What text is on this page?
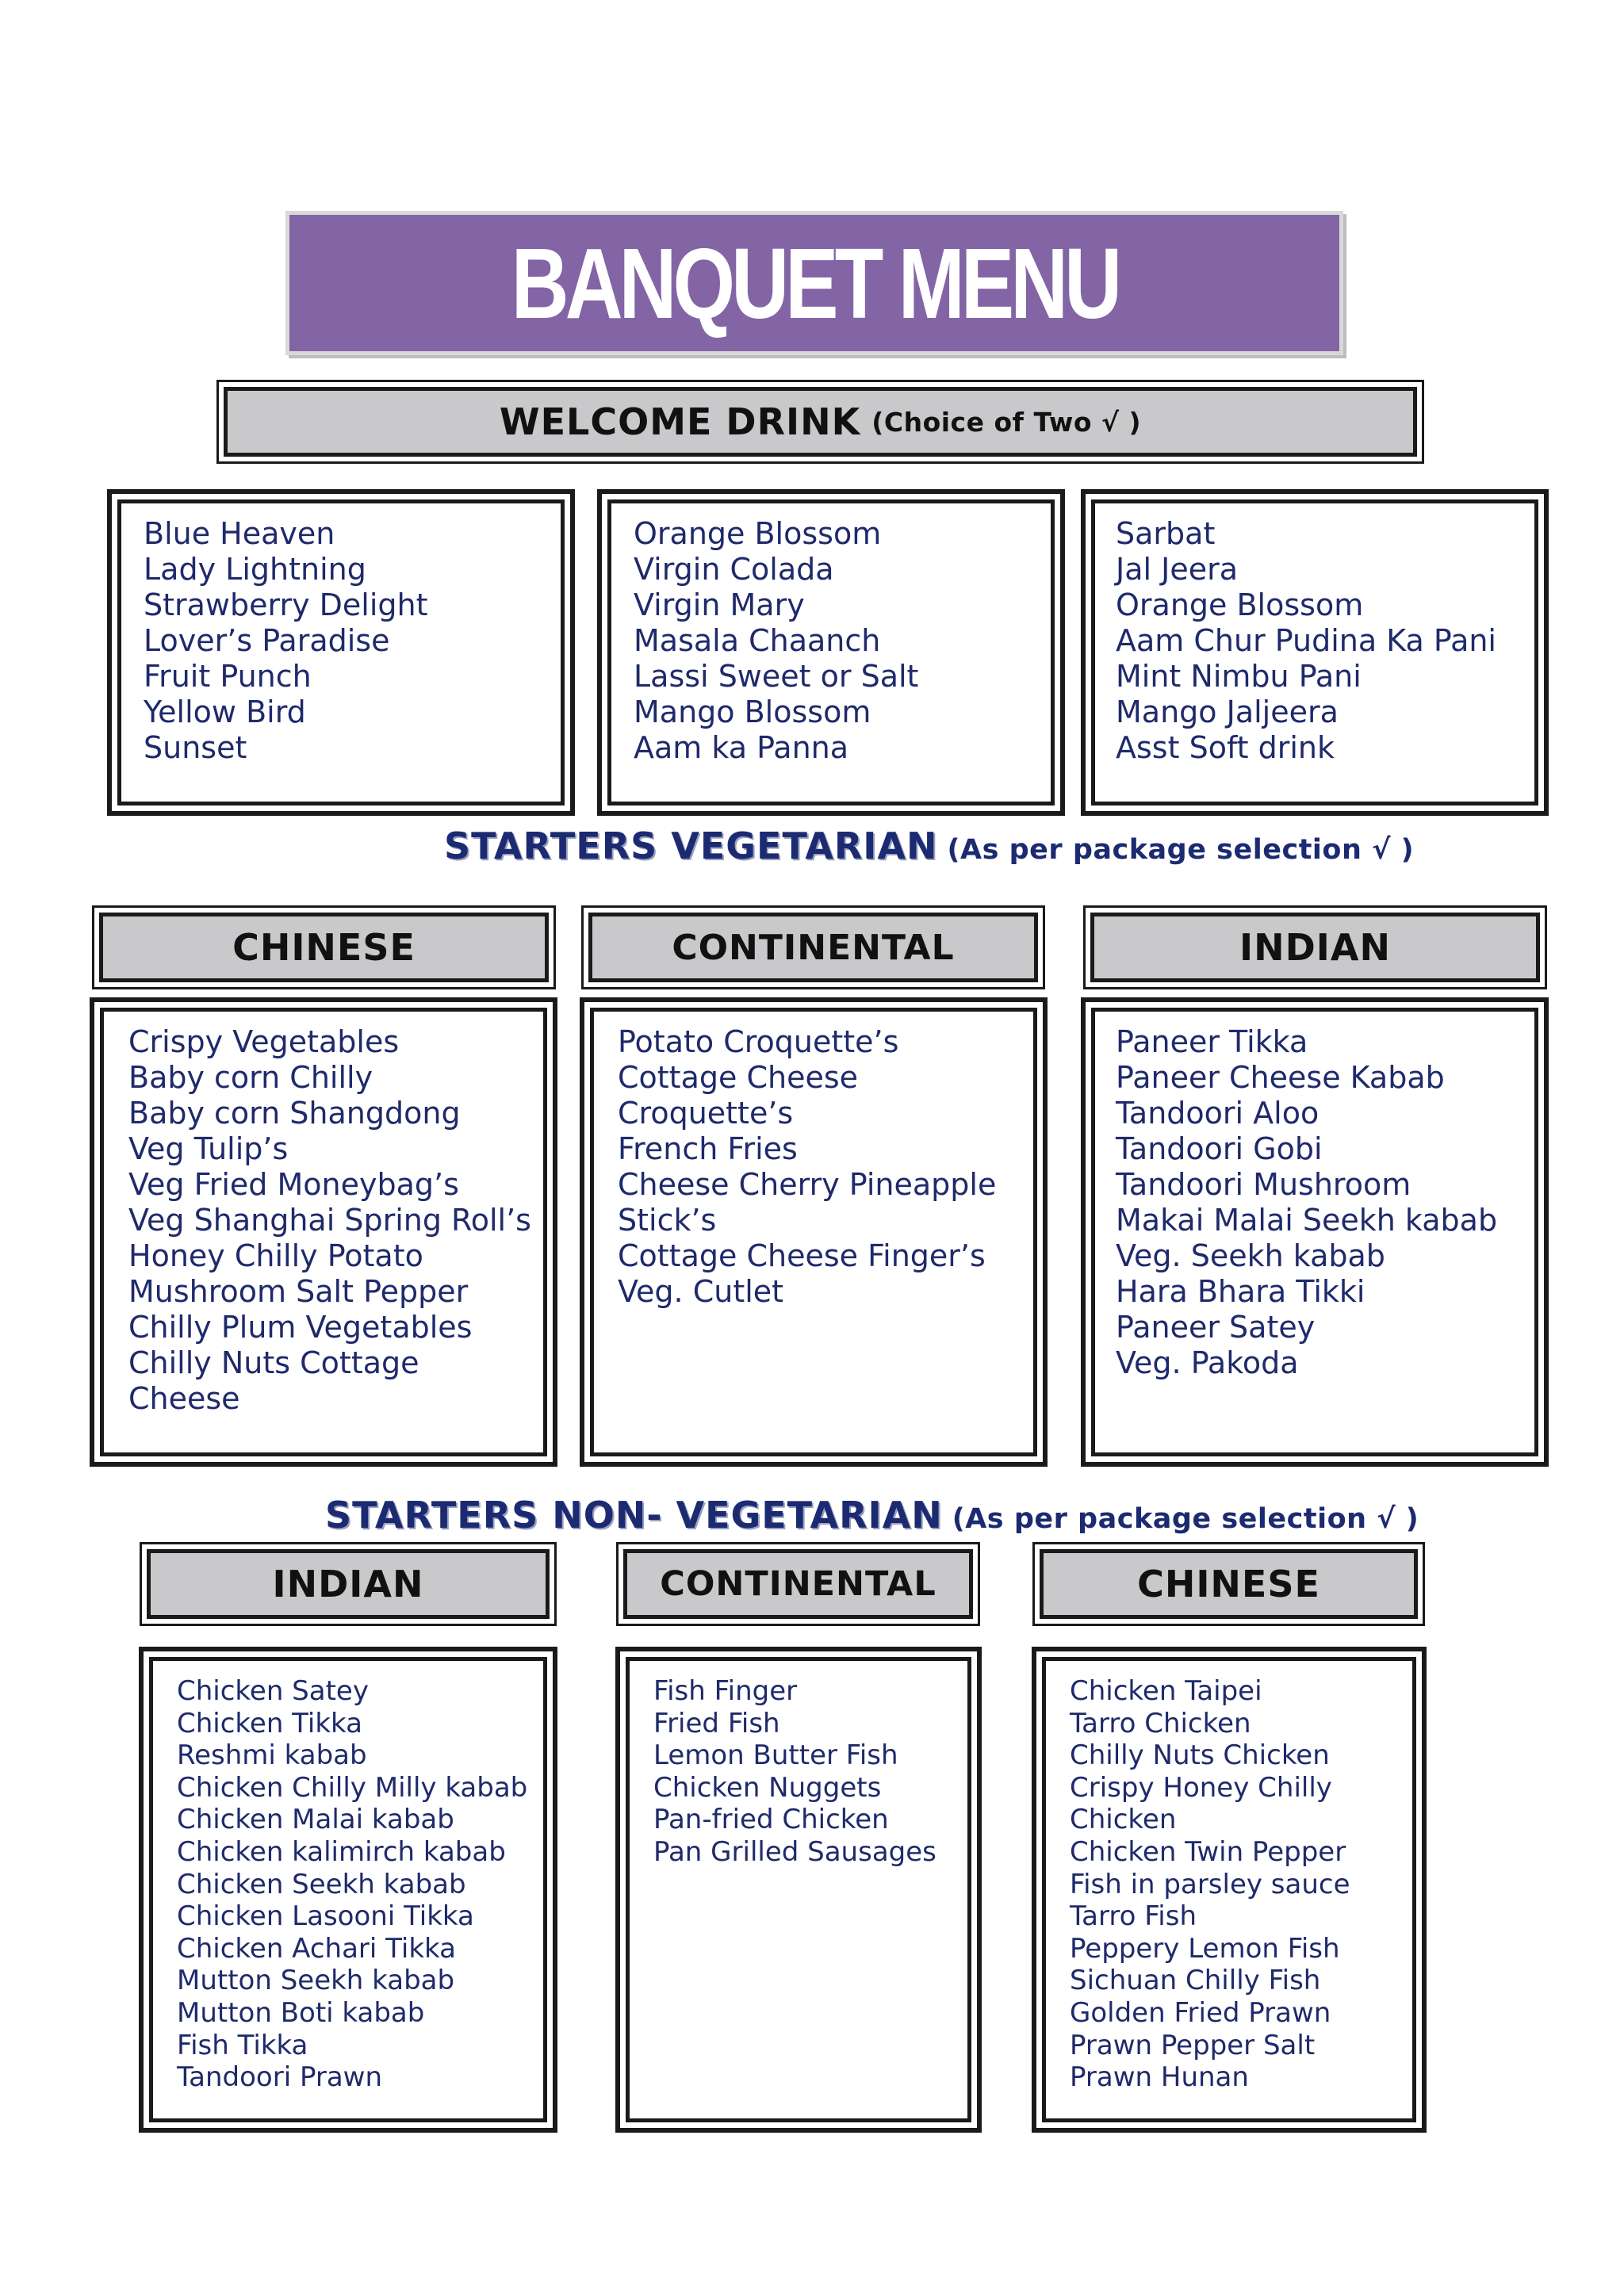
BANQUET MENU
WELCOME DRINK (Choice of Two √ )
Blue Heaven
Lady Lightning
Strawberry Delight
Lover’s Paradise
Fruit Punch
Yellow Bird
Sunset
Orange Blossom
Virgin Colada
Virgin Mary
Masala Chaanch
Lassi Sweet or Salt
Mango Blossom
Aam ka Panna
Sarbat
Jal Jeera
Orange Blossom
Aam Chur Pudina Ka Pani
Mint Nimbu Pani
Mango Jaljeera
Asst Soft drink
STARTERS VEGETARIAN (As per package selection √ )
CHINESE	CONTINENTAL	INDIAN
Crispy Vegetables
Baby corn Chilly
Baby corn Shangdong
Veg Tulip’s
Veg Fried Moneybag’s
Veg Shanghai Spring Roll’s
Honey Chilly Potato
Mushroom Salt Pepper
Chilly Plum Vegetables
Chilly Nuts Cottage
Cheese
Potato Croquette’s
Cottage Cheese
Croquette’s
French Fries
Cheese Cherry Pineapple
Stick’s
Cottage Cheese Finger’s
Veg. Cutlet
Paneer Tikka
Paneer Cheese Kabab
Tandoori Aloo
Tandoori Gobi
Tandoori Mushroom
Makai Malai Seekh kabab
Veg. Seekh kabab
Hara Bhara Tikki
Paneer Satey
Veg. Pakoda
STARTERS NON- VEGETARIAN (As per package selection √ )
INDIAN	CONTINENTAL	CHINESE
Chicken Satey
Chicken Tikka
Reshmi kabab
Chicken Chilly Milly kabab
Chicken Malai kabab
Chicken kalimirch kabab
Chicken Seekh kabab
Chicken Lasooni Tikka
Chicken Achari Tikka
Mutton Seekh kabab
Mutton Boti kabab
Fish Tikka
Tandoori Prawn
Fish Finger
Fried Fish
Lemon Butter Fish
Chicken Nuggets
Pan-fried Chicken
Pan Grilled Sausages
Chicken Taipei
Tarro Chicken
Chilly Nuts Chicken
Crispy Honey Chilly
Chicken
Chicken Twin Pepper
Fish in parsley sauce
Tarro Fish
Peppery Lemon Fish
Sichuan Chilly Fish
Golden Fried Prawn
Prawn Pepper Salt
Prawn Hunan
